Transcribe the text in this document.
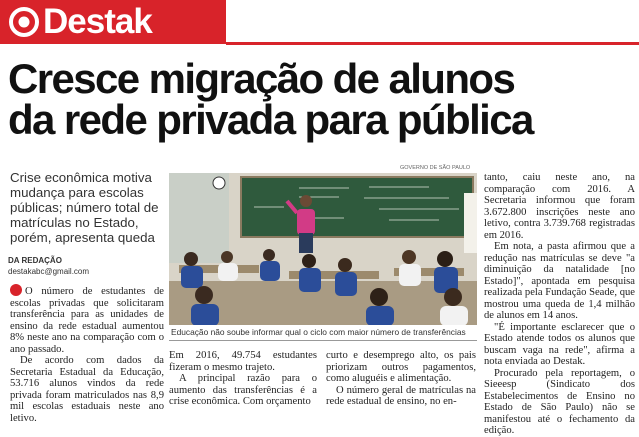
Destak
Cresce migração de alunos
da rede privada para pública
Crise econômica motiva mudança para escolas públicas; número total de matrículas no Estado, porém, apresenta queda
DA REDAÇÃO
destakabc@gmail.com

O número de estudantes de escolas privadas que solicitaram transferência para as unidades de ensino da rede estadual aumentou 8% neste ano na comparação com o ano passado.

De acordo com dados da Secretaria Estadual da Educação, 53.716 alunos vindos da rede privada foram matriculados nas 8,9 mil escolas estaduais neste ano letivo.

GOVERNO DE SÃO PAULO
Educação não soube informar qual o ciclo com maior número de transferências

Em 2016, 49.754 estudantes fizeram o mesmo trajeto.

A principal razão para o aumento das transferências é a crise econômica. Com orçamento

curto e desemprego alto, os pais priorizam outros pagamentos, como aluguéis e alimentação.

O número geral de matrículas na rede estadual de ensino, no en-

tanto, caiu neste ano, na comparação com 2016. A Secretaria informou que foram 3.672.800 inscrições neste ano letivo, contra 3.739.768 registradas em 2016.

Em nota, a pasta afirmou que a redução nas matrículas se deve "a diminuição da natalidade [no Estado]", apontada em pesquisa realizada pela Fundação Seade, que mostrou uma queda de 1,4 milhão de alunos em 14 anos.

"É importante esclarecer que o Estado atende todos os alunos que buscam vaga na rede", afirma a nota enviada ao Destak.

Procurado pela reportagem, o Sieeesp (Sindicato dos Estabelecimentos de Ensino no Estado de São Paulo) não se manifestou até o fechamento da edição.
